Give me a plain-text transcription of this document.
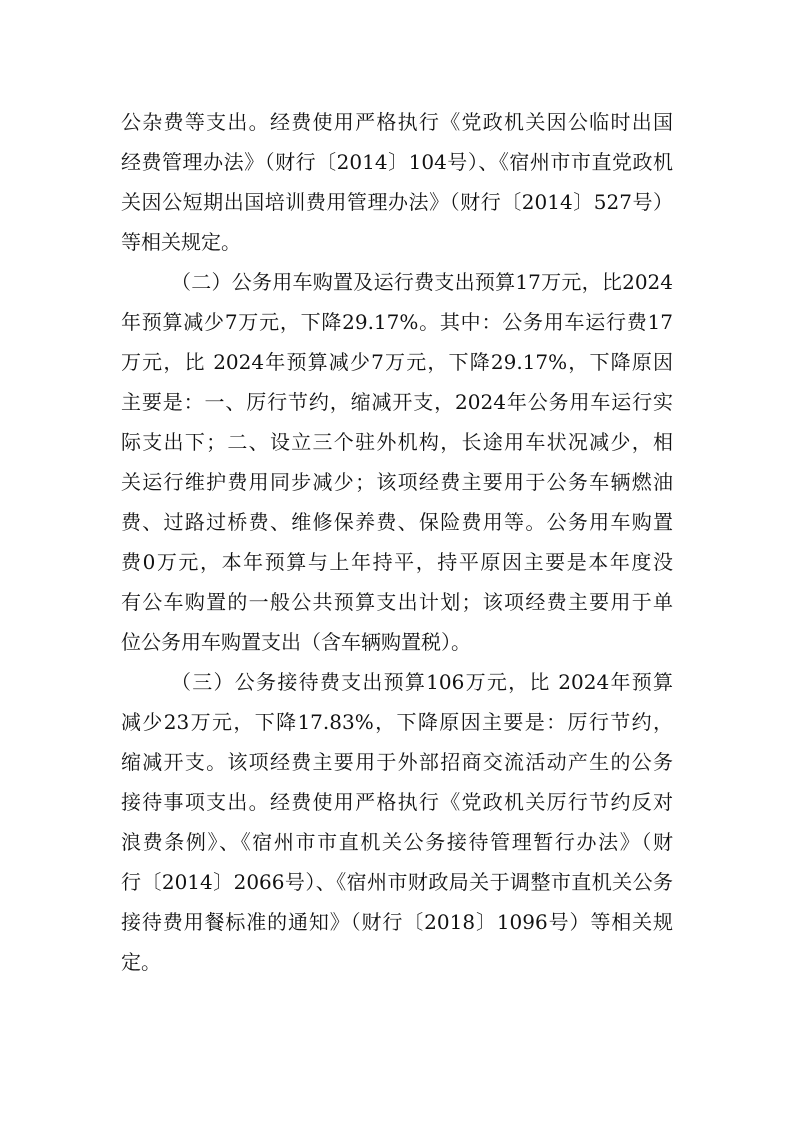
公杂费等支出。经费使用严格执行《党政机关因公临时出国
经费管理办法》（财行〔2014〕104号）、《宿州市市直党政机
关因公短期出国培训费用管理办法》（财行〔2014〕527号）
等相关规定。
（二）公务用车购置及运行费支出预算17万元，比2024
年预算减少7万元，下降29.17%。其中：公务用车运行费17
万元，比 2024年预算减少7万元，下降29.17%，下降原因
主要是：一、厉行节约，缩减开支，2024年公务用车运行实
际支出下；二、设立三个驻外机构，长途用车状况减少，相
关运行维护费用同步减少；该项经费主要用于公务车辆燃油
费、过路过桥费、维修保养费、保险费用等。公务用车购置
费0万元，本年预算与上年持平，持平原因主要是本年度没
有公车购置的一般公共预算支出计划；该项经费主要用于单
位公务用车购置支出（含车辆购置税）。
（三）公务接待费支出预算106万元，比 2024年预算
减少23万元，下降17.83%，下降原因主要是：厉行节约，
缩减开支。该项经费主要用于外部招商交流活动产生的公务
接待事项支出。经费使用严格执行《党政机关厉行节约反对
浪费条例》、《宿州市市直机关公务接待管理暂行办法》（财
行〔2014〕2066号）、《宿州市财政局关于调整市直机关公务
接待费用餐标准的通知》（财行〔2018〕1096号）等相关规
定。
